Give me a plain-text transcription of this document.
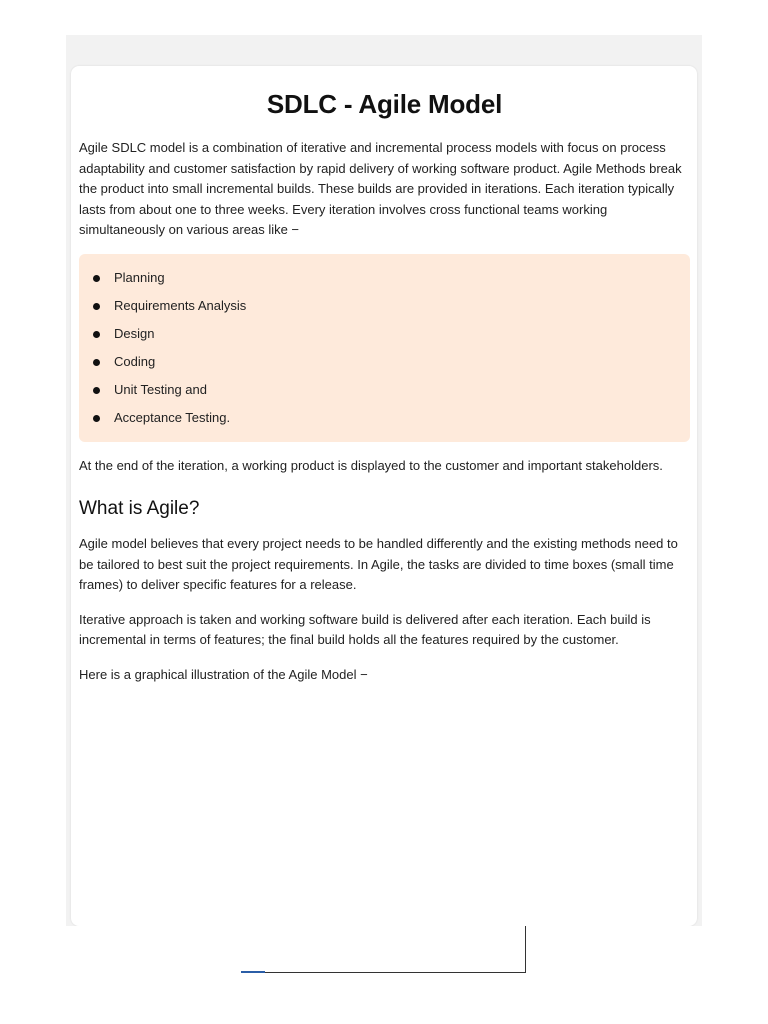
SDLC - Agile Model

Agile SDLC model is a combination of iterative and incremental process models with focus on process adaptability and customer satisfaction by rapid delivery of working software product. Agile Methods break the product into small incremental builds. These builds are provided in iterations. Each iteration typically lasts from about one to three weeks. Every iteration involves cross functional teams working simultaneously on various areas like −

Planning
Requirements Analysis
Design
Coding
Unit Testing and
Acceptance Testing.

At the end of the iteration, a working product is displayed to the customer and important stakeholders.

What is Agile?

Agile model believes that every project needs to be handled differently and the existing methods need to be tailored to best suit the project requirements. In Agile, the tasks are divided to time boxes (small time frames) to deliver specific features for a release.

Iterative approach is taken and working software build is delivered after each iteration. Each build is incremental in terms of features; the final build holds all the features required by the customer.

Here is a graphical illustration of the Agile Model −
